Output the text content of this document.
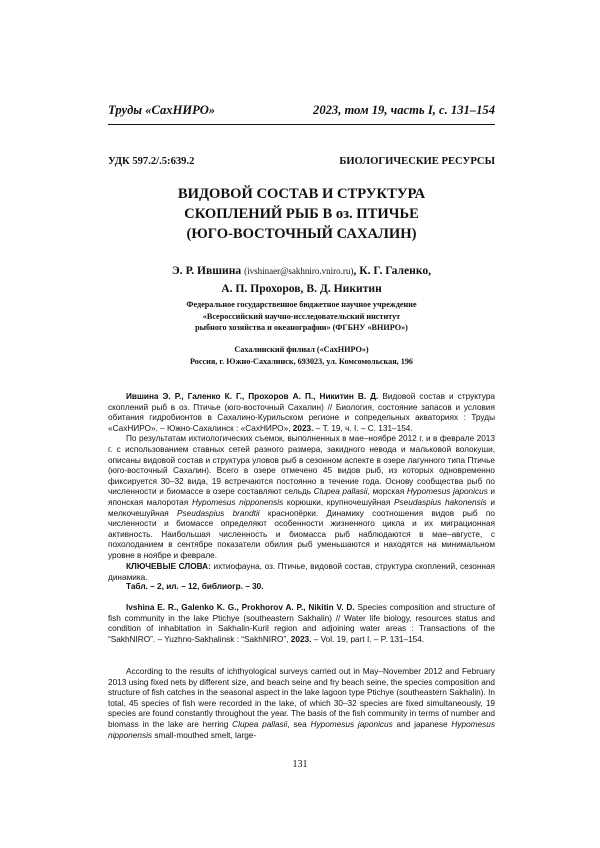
Труды «СахНИРО»	2023, том 19, часть I, с. 131–154
УДК 597.2/.5:639.2	БИОЛОГИЧЕСКИЕ РЕСУРСЫ
ВИДОВОЙ СОСТАВ И СТРУКТУРА
СКОПЛЕНИЙ РЫБ В оз. ПТИЧЬЕ
(ЮГО-ВОСТОЧНЫЙ САХАЛИН)
Э. Р. Ившина (ivshinaer@sakhniro.vniro.ru), К. Г. Галенко,
А. П. Прохоров, В. Д. Никитин
Федеральное государственное бюджетное научное учреждение
«Всероссийский научно-исследовательский институт
рыбного хозяйства и океанографии» (ФГБНУ «ВНИРО»)
Сахалинский филиал («СахНИРО»)
Россия, г. Южно-Сахалинск, 693023, ул. Комсомольская, 196

Ившина Э. Р., Галенко К. Г., Прохоров А. П., Никитин В. Д. Видовой состав и структура скоплений рыб в оз. Птичье (юго-восточный Сахалин) // Биология, состояние запасов и условия обитания гидробионтов в Сахалино-Курильском регионе и сопредельных акваториях : Труды «СахНИРО». – Южно-Сахалинск : «СахНИРО», 2023. – Т. 19, ч. I. – С. 131–154.

По результатам ихтиологических съемок, выполненных в мае–ноябре 2012 г. и в феврале 2013 г. с использованием ставных сетей разного размера, закидного невода и мальковой волокуши, описаны видовой состав и структура уловов рыб в сезонном аспекте в озере лагунного типа Птичье (юго-восточный Сахалин). Всего в озере отмечено 45 видов рыб, из которых одновременно фиксируется 30–32 вида, 19 встречаются постоянно в течение года. Основу сообщества рыб по численности и биомассе в озере составляют сельдь Clupea pallasii, морская Hypomesus japonicus и японская малоротая Hypomesus nipponensis корюшки, крупночешуйная Pseudaspius hakonensis и мелкочешуйная Pseudaspius brandtii краснопёрки. Динамику соотношения видов рыб по численности и биомассе определяют особенности жизненного цикла и их миграционная активность. Наибольшая численность и биомасса рыб наблюдаются в мае–августе, с похолоданием в сентябре показатели обилия рыб уменьшаются и находятся на минимальном уровне в ноябре и феврале.

КЛЮЧЕВЫЕ СЛОВА: ихтиофауна, оз. Птичье, видовой состав, структура скоплений, сезонная динамика.

Табл. – 2, ил. – 12, библиогр. – 30.

Ivshina E. R., Galenko K. G., Prokhorov A. P., Nikitin V. D. Species composition and structure of fish community in the lake Ptichye (southeastern Sakhalin) // Water life biology, resources status and condition of inhabitation in Sakhalin-Kuril region and adjoining water areas : Transactions of the “SakhNIRO”. – Yuzhno-Sakhalinsk : “SakhNIRO”, 2023. – Vol. 19, part I. – P. 131–154.

According to the results of ichthyological surveys carried out in May–November 2012 and February 2013 using fixed nets by different size, and beach seine and fry beach seine, the species composition and structure of fish catches in the seasonal aspect in the lake lagoon type Ptichye (southeastern Sakhalin). In total, 45 species of fish were recorded in the lake, of which 30–32 species are fixed simultaneously, 19 species are found constantly throughout the year. The basis of the fish community in terms of number and biomass in the lake are herring Clupea pallasii, sea Hypomesus japonicus and japanese Hypomesus nipponensis small-mouthed smelt, large-

131
